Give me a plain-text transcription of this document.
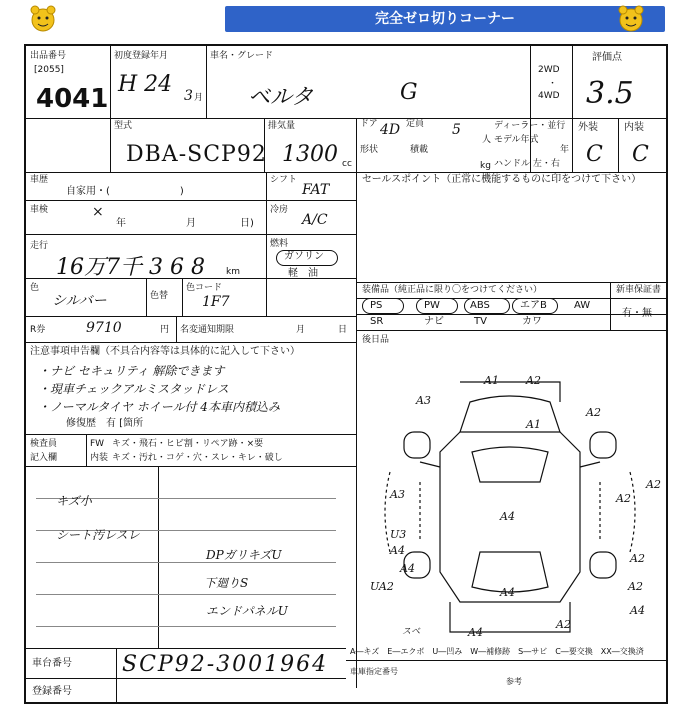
完全ゼロ切りコーナー
出品番号
[2055]
4041
初度登録年月
H 24 3 月
車名・グレード
ベルタ	G
2WD
・
4WD
評価点
3.5
型式
DBA-SCP92
排気量
1300 cc
ドア 4D 定員 5
人
形状	積載
kg
ディーラー・並行
モデル年式
年
ハンドル 左・右
外装	内装
C C
車歴
自家用・(　　　　　　　)
シフト
FAT
車検	×
年	月	日)
冷房
A/C
走行
16万7千 3 6 8 km
燃料
ガソリン
軽　油
色
シルバー	色替
色コード
1F7
R券	9710	円 名変通知期限	月	日
セールスポイント（正常に機能するものに印をつけて下さい）
装備品（純正品に限り〇をつけてください）	新車保証書
有・無
PS	PW	ABS	エアB	AW
SR	ナビ	TV	カワ
後日品
注意事項申告欄（不具合内容等は具体的に記入して下さい）
・ナビ セキュリティ 解除できます
・現車チェックアルミスタッドレス
・ノーマルタイヤ ホイール付 4本車内積込み
修復歴　有 [箇所
検査員
記入欄
FW キズ・飛石・ヒビ割・リペア跡・×要
内装 キズ・汚れ・コゲ・穴・スレ・キレ・破し
キズ小
シート汚レスレ
DPガリキズU
下廻りS
エンドパネルU
車台番号 SCP92-3001964
登録番号
A―キズ　E―エクボ　U―凹み　W―補修跡　S―サビ　C―要交換　XX―交換済
車庫指定番号
参考
A1 A2
A3
A1
A2
A2
A3
A4
A2
U3
A4
A2
A4
UA2
A4
A2
A2
A4
A4
スベ
